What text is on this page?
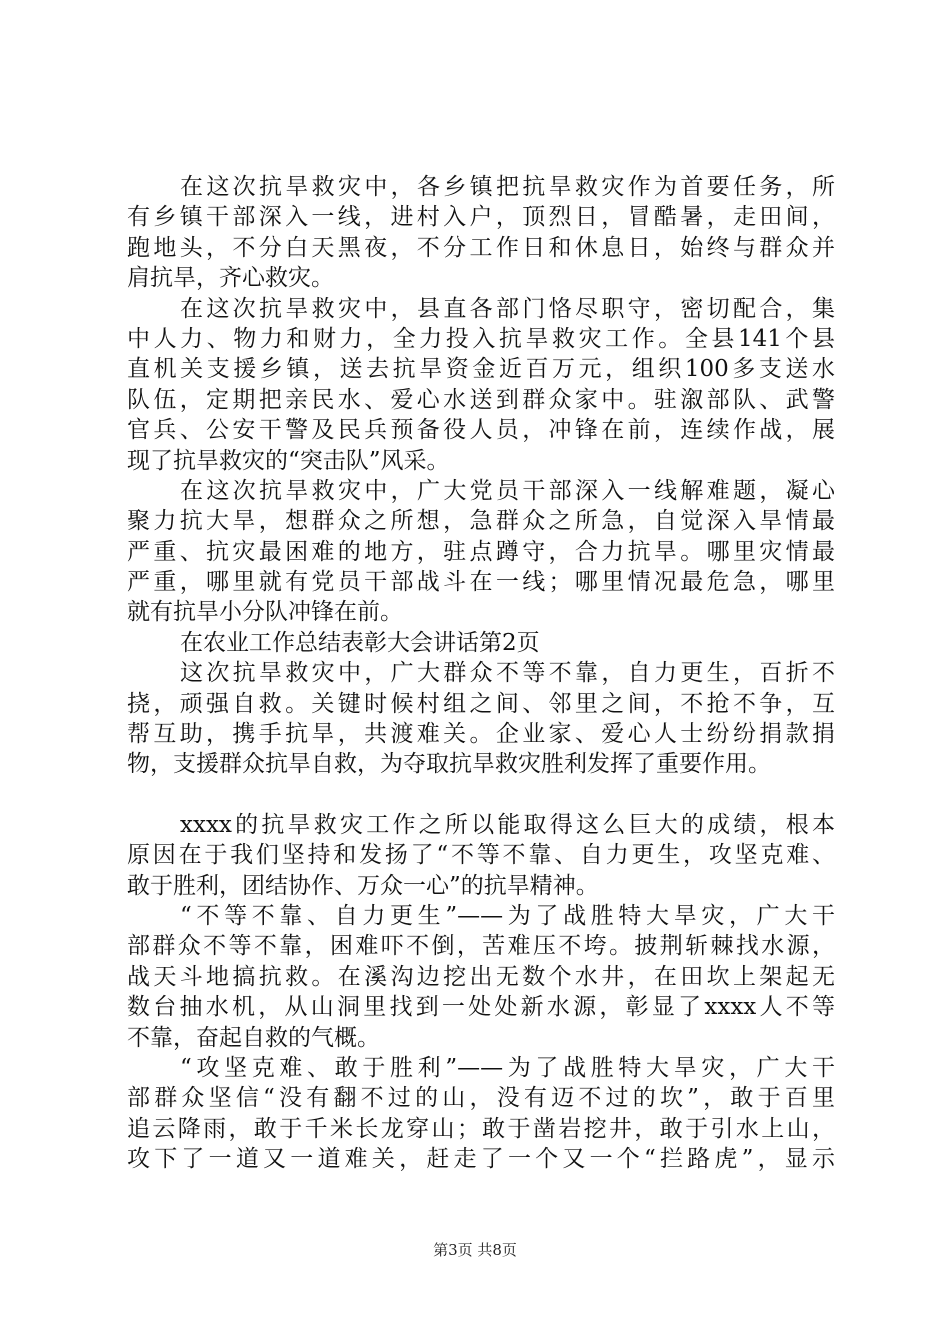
在这次抗旱救灾中，各乡镇把抗旱救灾作为首要任务，所
有乡镇干部深入一线，进村入户，顶烈日，冒酷暑，走田间，
跑地头，不分白天黑夜，不分工作日和休息日，始终与群众并
肩抗旱，齐心救灾。
在这次抗旱救灾中，县直各部门恪尽职守，密切配合，集
中人力、物力和财力，全力投入抗旱救灾工作。全县141个县
直机关支援乡镇，送去抗旱资金近百万元，组织100多支送水
队伍，定期把亲民水、爱心水送到群众家中。驻溆部队、武警
官兵、公安干警及民兵预备役人员，冲锋在前，连续作战，展
现了抗旱救灾的“突击队”风采。
在这次抗旱救灾中，广大党员干部深入一线解难题，凝心
聚力抗大旱，想群众之所想，急群众之所急，自觉深入旱情最
严重、抗灾最困难的地方，驻点蹲守，合力抗旱。哪里灾情最
严重，哪里就有党员干部战斗在一线；哪里情况最危急，哪里
就有抗旱小分队冲锋在前。
在农业工作总结表彰大会讲话第2页
这次抗旱救灾中，广大群众不等不靠，自力更生，百折不
挠，顽强自救。关键时候村组之间、邻里之间，不抢不争，互
帮互助，携手抗旱，共渡难关。企业家、爱心人士纷纷捐款捐
物，支援群众抗旱自救，为夺取抗旱救灾胜利发挥了重要作用。
xxxx的抗旱救灾工作之所以能取得这么巨大的成绩，根本
原因在于我们坚持和发扬了“不等不靠、自力更生，攻坚克难、
敢于胜利，团结协作、万众一心”的抗旱精神。
“不等不靠、自力更生”——为了战胜特大旱灾，广大干
部群众不等不靠，困难吓不倒，苦难压不垮。披荆斩棘找水源，
战天斗地搞抗救。在溪沟边挖出无数个水井，在田坎上架起无
数台抽水机，从山洞里找到一处处新水源，彰显了xxxx人不等
不靠，奋起自救的气概。
“攻坚克难、敢于胜利”——为了战胜特大旱灾，广大干
部群众坚信“没有翻不过的山，没有迈不过的坎”，敢于百里
追云降雨，敢于千米长龙穿山；敢于凿岩挖井，敢于引水上山，
攻下了一道又一道难关，赶走了一个又一个“拦路虎”，显示
第3页 共8页
